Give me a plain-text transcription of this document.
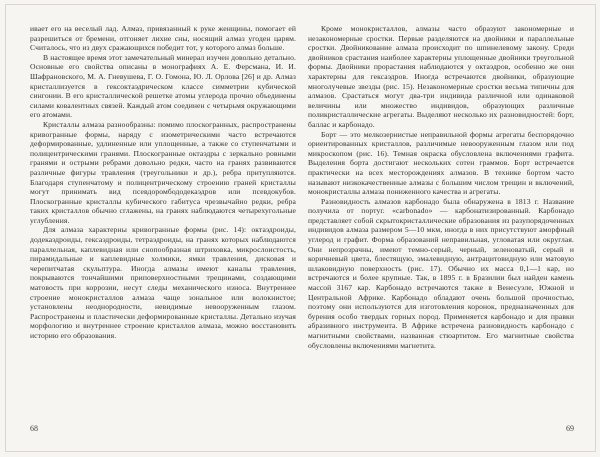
ивает его на веселый лад. Алмаз, привязанный к руке женщины, помогает ей разрешиться от бремени, отгоняет лихие сны, носящий алмаз угоден царям. Считалось, что из двух сражающихся победит тот, у которого алмаз больше.

В настоящее время этот замечательный минерал изучен довольно детально. Основные его свойства описаны в монографиях А. Е. Ферсмана, И. И. Шафрановского, М. А. Гневушева, Г. О. Гомона, Ю. Л. Орлова [26] и др. Алмаз кристаллизуется в гексоктаэдрическом классе симметрии кубической сингонии. В его кристаллической решетке атомы углерода прочно объединены силами ковалентных связей. Каждый атом соединен с четырьмя окружающими его атомами.

Кристаллы алмаза разнообразны: помимо плоскогранных, распространены кривогранные формы, наряду с изометрическими часто встречаются деформированные, удлиненные или уплощенные, а также со ступенчатыми и полицентрическими гранями. Плоскогранные октаэдры с зеркально ровными гранями и острыми ребрами довольно редки, часто на гранях развиваются различные фигуры травления (треугольники и др.), ребра притупляются. Благодаря ступенчатому и полицентрическому строению граней кристаллы могут принимать вид псевдоромбододекаэдров или псевдокубов. Плоскогранные кристаллы кубического габитуса чрезвычайно редки, ребра таких кристаллов обычно сглажены, на гранях наблюдаются четырехугольные углубления.

Для алмаза характерны кривогранные формы (рис. 14): октаэдроиды, додекаэдроиды, гексаэдроиды, тетраэдроиды, на гранях которых наблюдаются параллельная, каплевидная или снопообразная штриховка, микрослоистость, пирамидальные и каплевидные холмики, ямки травления, дисковая и черепитчатая скульптура. Иногда алмазы имеют каналы травления, покрываются тончайшими приповерхностными трещинами, создающими матовость при коррозии, несут следы механического износа. Внутреннее строение монокристаллов алмаза чаще зональное или волокнистое; установлены неоднородности, невидимые невооруженным глазом. Распространены и пластически деформированные кристаллы. Детально изучая морфологию и внутреннее строение кристаллов алмаза, можно восстановить историю его образования.

Кроме монокристаллов, алмазы часто образуют закономерные и незакономерные сростки. Первые разделяются на двойники и параллельные сростки. Двойникование алмаза происходит по шпинелевому закону. Среди двойников срастания наиболее характерны уплощенные двойники треугольной формы. Двойники прорастания наблюдаются у октаэдров, особенно же они характерны для гексаэдров. Иногда встречаются двойники, образующие многолучевые звезды (рис. 15). Незакономерные сростки весьма типичны для алмазов. Срастаться могут два-три индивида различной или одинаковой величины или множество индивидов, образующих различные поликристаллические агрегаты. Выделяют несколько их разновидностей: борт, баллас и карбонадо.

Борт — это мелкозернистые неправильной формы агрегаты беспорядочно ориентированных кристаллов, различимые невооруженным глазом или под микроскопом (рис. 16). Темная окраска обусловлена включениями графита. Выделения борта достигают нескольких сотен граммов. Борт встречается практически на всех месторождениях алмазов. В технике бортом часто называют низкокачественные алмазы с большим числом трещин и включений, монокристаллы алмаза пониженного качества и агрегаты.

Разновидность алмазов карбонадо была обнаружена в 1813 г. Название получила от португ. «carbonado» — карбонатизированный. Карбонадо представляет собой скрытокристаллические образования из разупорядоченных индивидов алмаза размером 5—10 мкм, иногда в них присутствуют аморфный углерод и графит. Форма образований неправильная, угловатая или округлая. Они непрозрачны, имеют темно-серый, черный, зеленоватый, серый и коричневый цвета, блестящую, эмалевидную, антрацитовидную или матовую шлаковидную поверхность (рис. 17). Обычно их масса 0,1—1 кар, но встречаются и более крупные. Так, в 1895 г. в Бразилии был найден камень массой 3167 кар. Карбонадо встречаются также в Венесуэле, Южной и Центральной Африке. Карбонадо обладают очень большой прочностью, поэтому они используются для изготовления коронок, предназначенных для бурения особо твердых горных пород. Применяется карбонадо и для правки абразивного инструмента. В Африке встречена разновидность карбонадо с магнитными свойствами, названная стюартитом. Его магнитные свойства обусловлены включениями магнетита.

68	69
